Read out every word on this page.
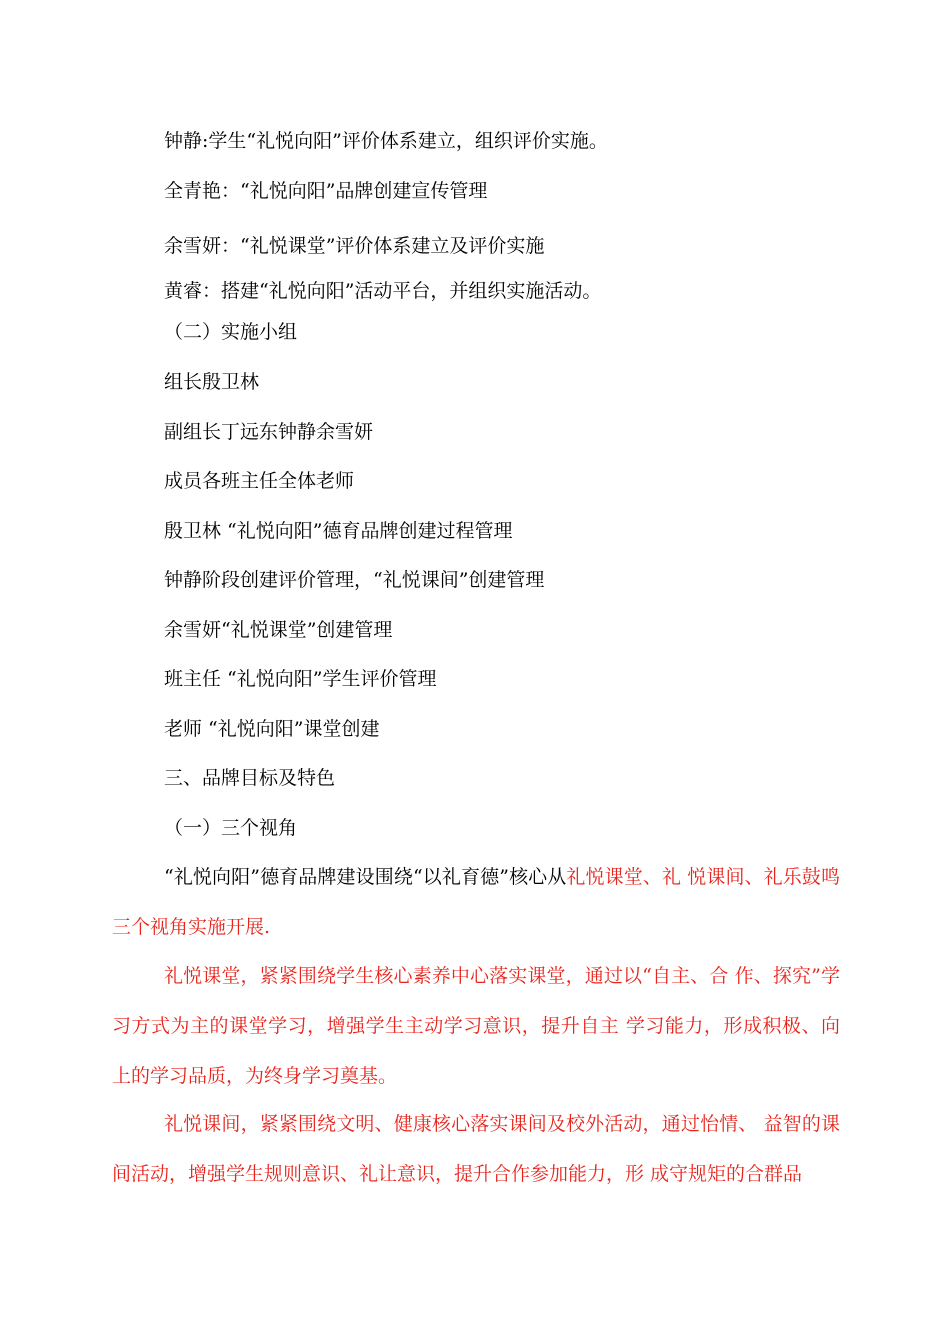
钟静:学生“礼悦向阳”评价体系建立，组织评价实施。
全青艳：“礼悦向阳”品牌创建宣传管理
余雪妍：“礼悦课堂”评价体系建立及评价实施
黄睿：搭建“礼悦向阳”活动平台，并组织实施活动。
（二）实施小组
组长殷卫林
副组长丁远东钟静余雪妍
成员各班主任全体老师
殷卫林 “礼悦向阳”德育品牌创建过程管理
钟静阶段创建评价管理，“礼悦课间”创建管理
余雪妍“礼悦课堂”创建管理
班主任 “礼悦向阳”学生评价管理
老师 “礼悦向阳”课堂创建
三、品牌目标及特色
（一）三个视角
“礼悦向阳”德育品牌建设围绕“以礼育德”核心从礼悦课堂、礼 悦课间、礼乐鼓鸣三个视角实施开展.
礼悦课堂，紧紧围绕学生核心素养中心落实课堂，通过以“自主、合 作、探究”学习方式为主的课堂学习，增强学生主动学习意识，提升自主 学习能力，形成积极、向上的学习品质，为终身学习奠基。
礼悦课间，紧紧围绕文明、健康核心落实课间及校外活动，通过怡情、 益智的课间活动，增强学生规则意识、礼让意识，提升合作参加能力，形 成守规矩的合群品
